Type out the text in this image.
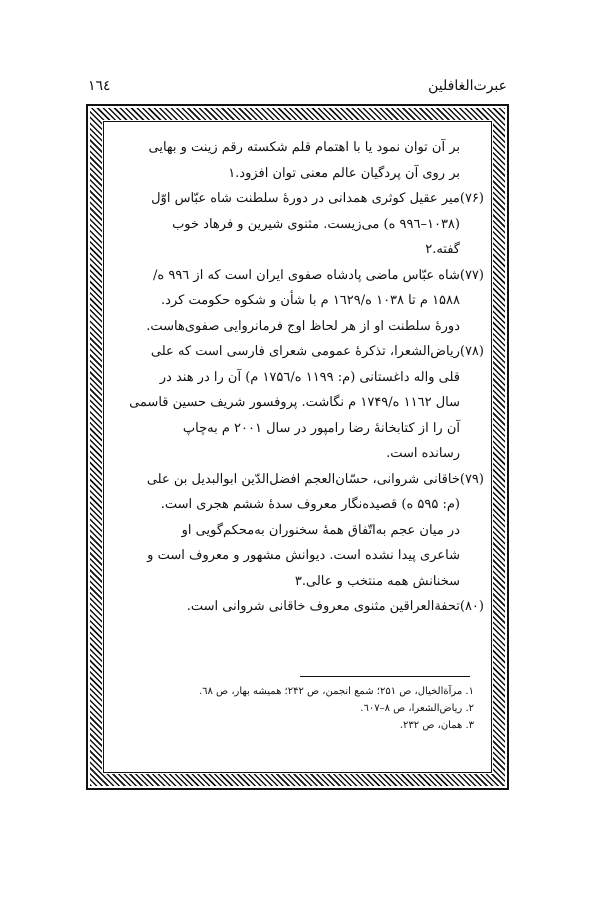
عبرت‌الغافلین
۱٦٤
بر آن توان نمود یا با اهتمام قلم شکسته رقم زینت و بهایی
بر روی آن پردگیان عالم معنی توان افزود.۱
(۷۶)میر عقیل کوثری همدانی در دورۀ سلطنت شاه عبّاس اوّل
(۱۰۳۸–۹۹٦ ه) می‌زیست. مثنوی شیرین و فرهاد خوب
گفته.۲
(۷۷)شاه عبّاس ماضی پادشاه صفوی ایران است که از ۹۹٦ ه/
۱۵۸۸ م تا ۱۰۳۸ ه/۱٦۲۹ م با شأن و شکوه حکومت کرد.
دورۀ سلطنت او از هر لحاظ اوج فرمانروایی صفوی‌هاست.
(۷۸)ریاض‌الشعرا، تذکرۀ عمومی شعرای فارسی است که علی
قلی واله داغستانی (م: ۱۱۹۹ ه/۱۷۵٦ م) آن را در هند در
سال ۱۱٦۲ ه/۱۷۴۹ م نگاشت. پروفسور شریف حسین قاسمی
آن را از کتابخانۀ رضا رامپور در سال ۲۰۰۱ م به‌چاپ
رسانده است.
(۷۹)خاقانی شروانی، حسّان‌العجم افضل‌الدّین ابوالبدیل بن علی
(م: ۵۹۵ ه) قصیده‌نگار معروف سدۀ ششم هجری است.
در میان عجم به‌اتّفاق همۀ سخنوران به‌محکم‌گویی او
شاعری پیدا نشده است. دیوانش مشهور و معروف است و
سخنانش همه منتخب و عالی.۳
(۸۰)تحفة‌العراقین مثنوی معروف خاقانی شروانی است.
۱. مرآة‌الخیال، ص ۲۵۱؛ شمع انجمن، ص ۲۴۲؛ همیشه بهار، ص ٦۸.
۲. ریاض‌الشعرا، ص ۸–٦۰۷.
۳. همان، ص ۲۳۲.
